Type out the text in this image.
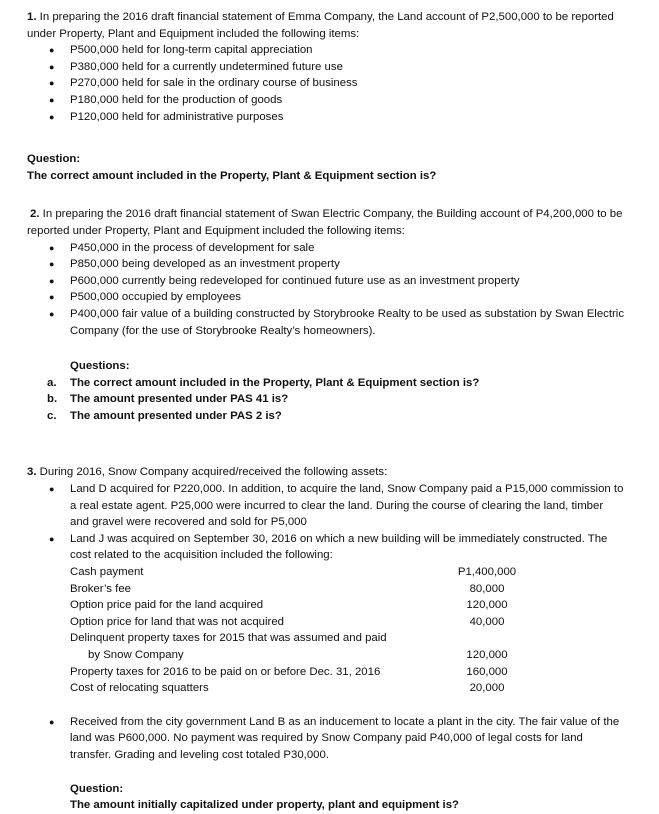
1. In preparing the 2016 draft financial statement of Emma Company, the Land account of P2,500,000 to be reported under Property, Plant and Equipment included the following items:

● P500,000 held for long-term capital appreciation
● P380,000 held for a currently undetermined future use
● P270,000 held for sale in the ordinary course of business
● P180,000 held for the production of goods
● P120,000 held for administrative purposes

Question:

The correct amount included in the Property, Plant & Equipment section is?

2. In preparing the 2016 draft financial statement of Swan Electric Company, the Building account of P4,200,000 to be reported under Property, Plant and Equipment included the following items:

● P450,000 in the process of development for sale
● P850,000 being developed as an investment property
● P600,000 currently being redeveloped for continued future use as an investment property
● P500,000 occupied by employees
● P400,000 fair value of a building constructed by Storybrooke Realty to be used as substation by Swan Electric Company (for the use of Storybrooke Realty’s homeowners).

Questions:

a. The correct amount included in the Property, Plant & Equipment section is?
b. The amount presented under PAS 41 is?
c. The amount presented under PAS 2 is?

3. During 2016, Snow Company acquired/received the following assets:

● Land D acquired for P220,000. In addition, to acquire the land, Snow Company paid a P15,000 commission to a real estate agent. P25,000 were incurred to clear the land. During the course of clearing the land, timber and gravel were recovered and sold for P5,000
● Land J was acquired on September 30, 2016 on which a new building will be immediately constructed. The cost related to the acquisition included the following:
Cash payment	P1,400,000
Broker’s fee	80,000
Option price paid for the land acquired	120,000
Option price for land that was not acquired	40,000
Delinquent property taxes for 2015 that was assumed and paid	
by Snow Company	120,000
Property taxes for 2016 to be paid on or before Dec. 31, 2016	160,000
Cost of relocating squatters	20,000
● Received from the city government Land B as an inducement to locate a plant in the city. The fair value of the land was P600,000. No payment was required by Snow Company paid P40,000 of legal costs for land transfer. Grading and leveling cost totaled P30,000.

Question:

The amount initially capitalized under property, plant and equipment is?
